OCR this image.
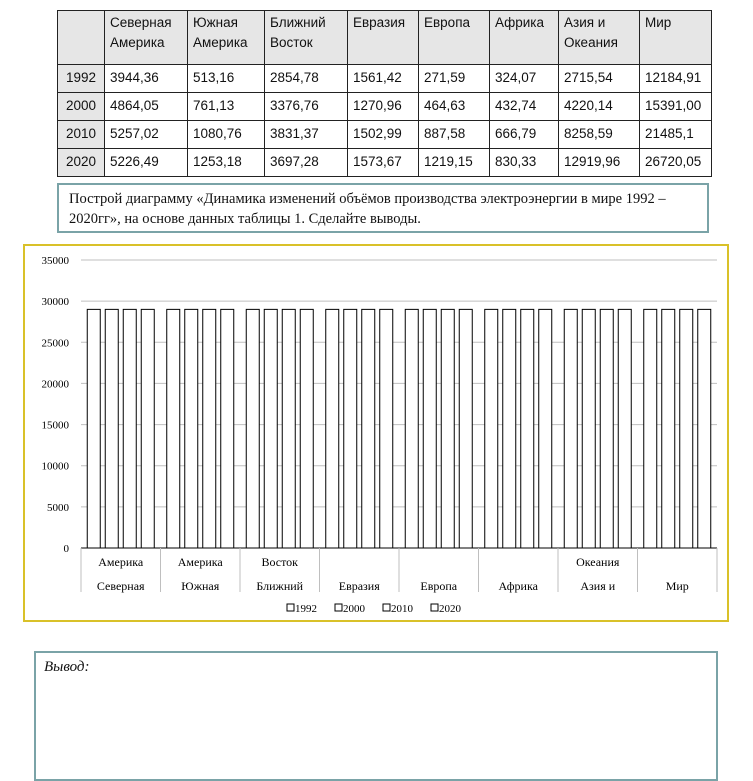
	Северная Америка	Южная Америка	Ближний Восток	Евразия	Европа	Африка	Азия и Океания	Мир
1992	3944,36	513,16	2854,78	1561,42	271,59	324,07	2715,54	12184,91
2000	4864,05	761,13	3376,76	1270,96	464,63	432,74	4220,14	15391,00
2010	5257,02	1080,76	3831,37	1502,99	887,58	666,79	8258,59	21485,1
2020	5226,49	1253,18	3697,28	1573,67	1219,15	830,33	12919,96	26720,05
Построй диаграмму «Динамика изменений объёмов производства электроэнергии в мире 1992 – 2020гг», на основе данных таблицы 1. Сделайте выводы.
0
5000
10000
15000
20000
25000
30000
35000
Америка
Северная
Америка
Южная
Восток
Ближний	Евразия	Европа	Африка
Океания
Азия и	Мир
1992 2000 2010 2020
Вывод:
